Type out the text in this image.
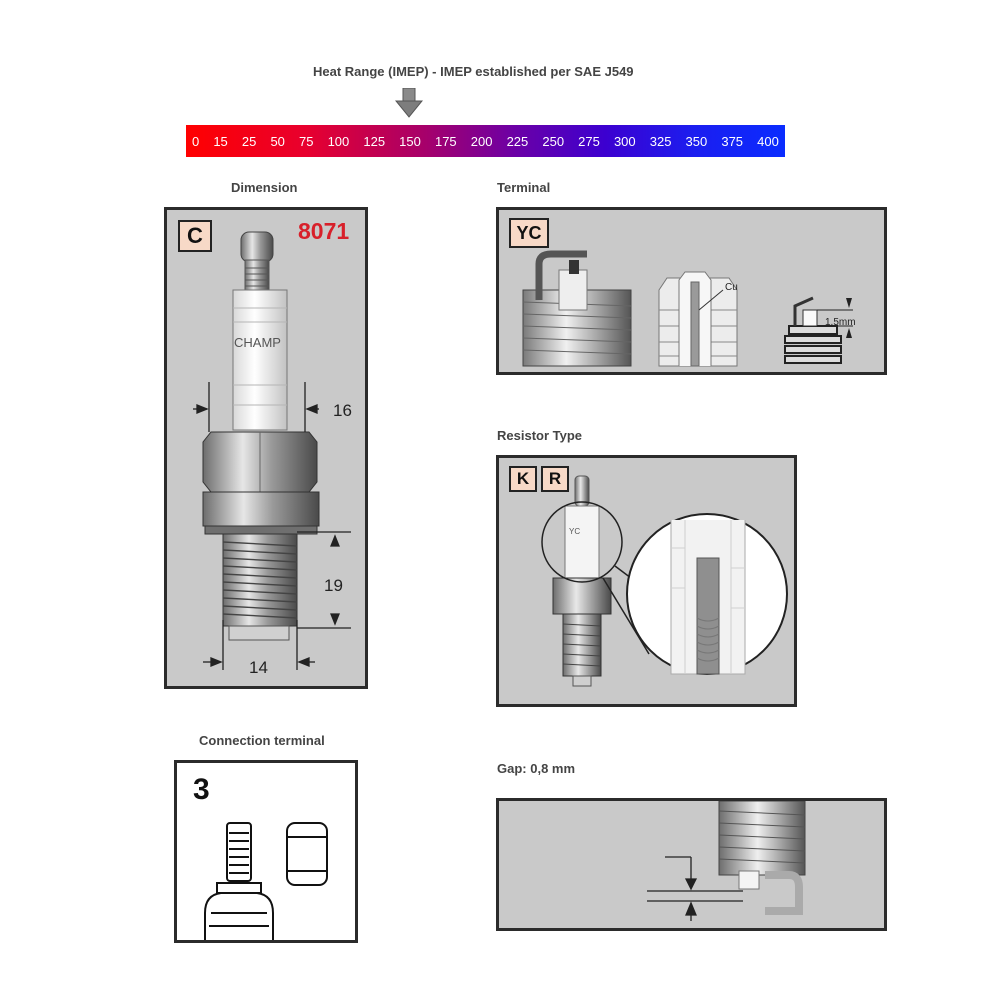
Heat Range (IMEP) - IMEP established per SAE J549
0 15 25 50 75 100 125 150 175 200 225 250 275 300 325 350 375 400
Dimension	Terminal
Resistor Type
Connection terminal
Gap: 0,8 mm
C	8071
CHAMP
16
19
14
YC
Cu
1.5mm
K	R
YC
3
